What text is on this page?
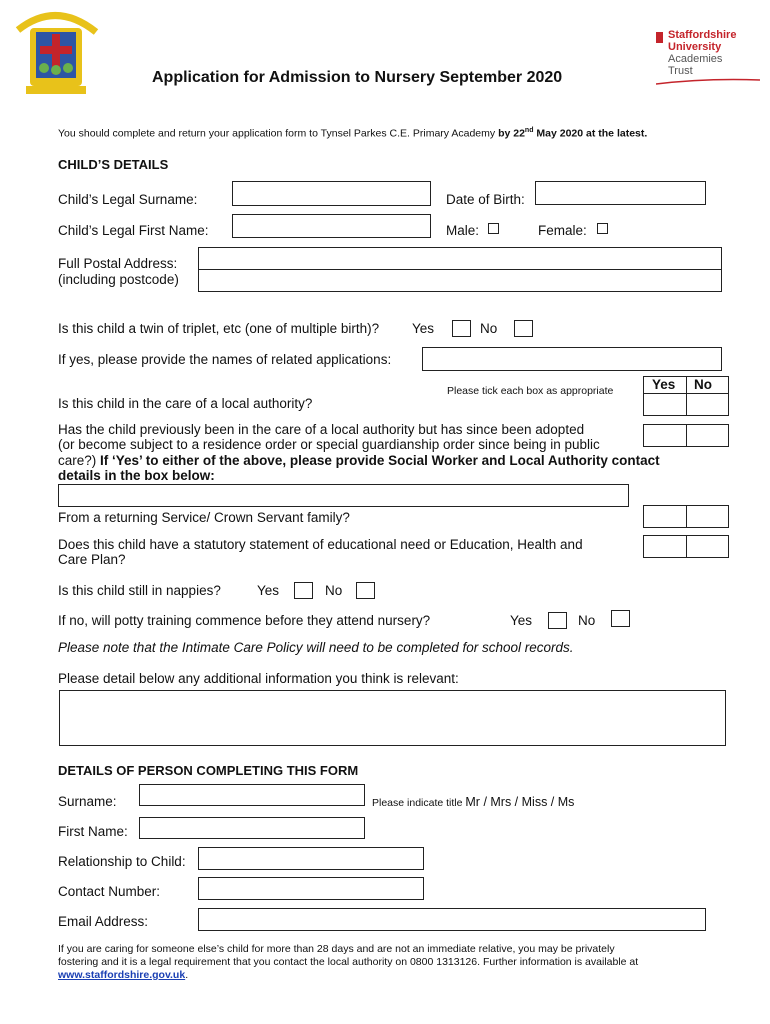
Application for Admission to Nursery September 2020
Staffordshire
University
Academies
Trust
You should complete and return your application form to Tynsel Parkes C.E. Primary Academy by 22nd May 2020 at the latest.
CHILD’S DETAILS
Child’s Legal Surname:	Date of Birth:
Child’s Legal First Name:	Male:	Female:
Full Postal Address:
(including postcode)
Is this child a twin of triplet, etc (one of multiple birth)? Yes	No
If yes, please provide the names of related applications:
Please tick each box as appropriate	Yes No
Is this child in the care of a local authority?
Has the child previously been in the care of a local authority but has since been adopted
(or become subject to a residence order or special guardianship order since being in public
care?) If ‘Yes’ to either of the above, please provide Social Worker and Local Authority contact
details in the box below:
From a returning Service/ Crown Servant family?
Does this child have a statutory statement of educational need or Education, Health and
Care Plan?
Is this child still in nappies?	Yes	No
If no, will potty training commence before they attend nursery?	Yes	No
Please note that the Intimate Care Policy will need to be completed for school records.
Please detail below any additional information you think is relevant:
DETAILS OF PERSON COMPLETING THIS FORM
Surname:	Please indicate title Mr / Mrs / Miss / Ms
First Name:
Relationship to Child:
Contact Number:
Email Address:
If you are caring for someone else’s child for more than 28 days and are not an immediate relative, you may be privately
fostering and it is a legal requirement that you contact the local authority on 0800 1313126. Further information is available at
www.staffordshire.gov.uk.
